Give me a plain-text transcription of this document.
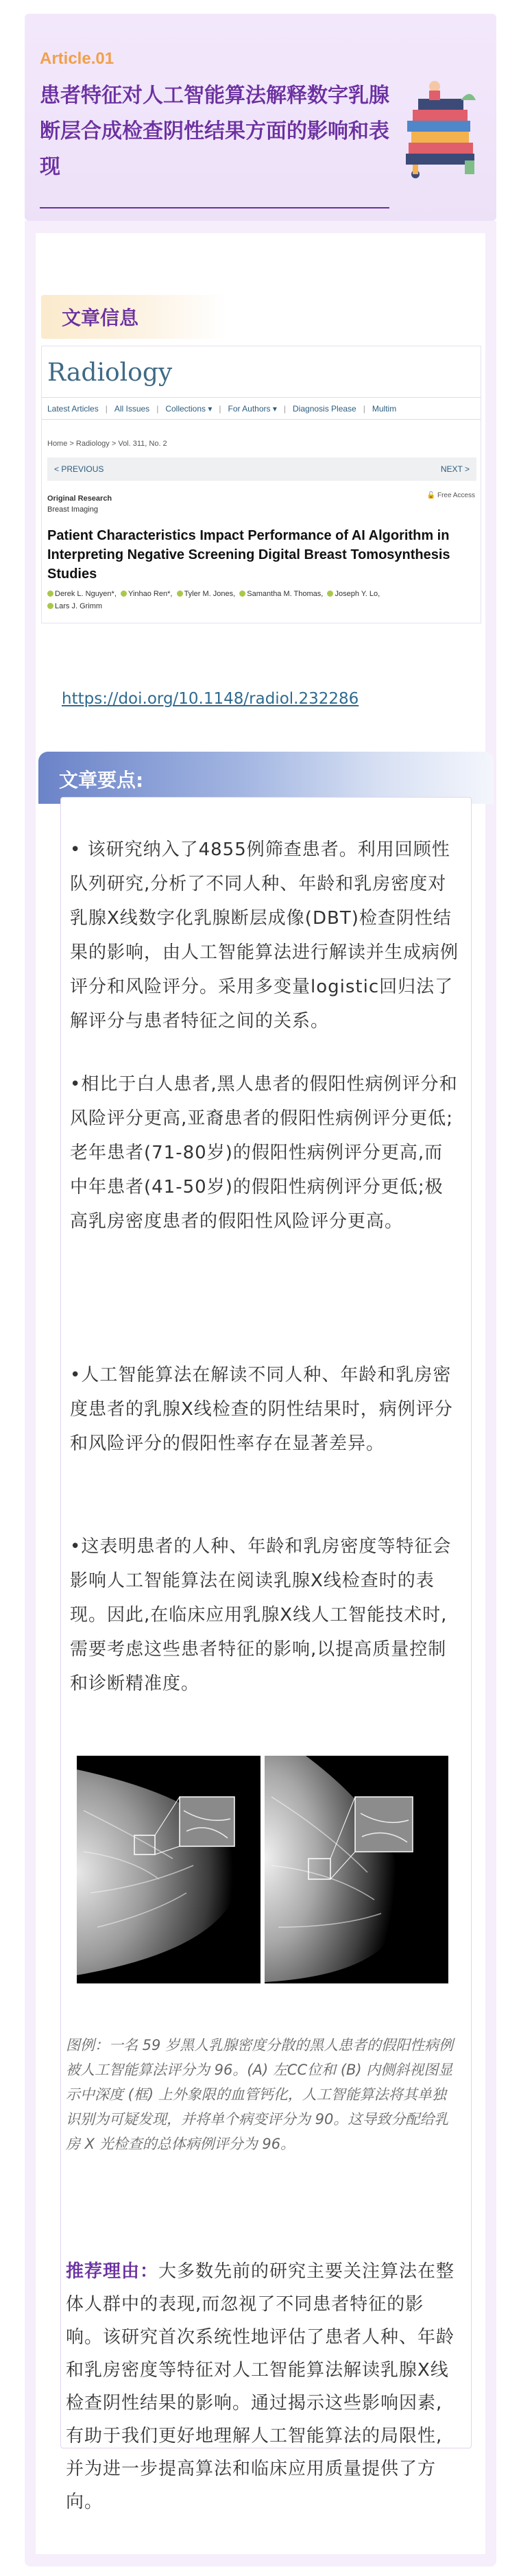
Article.01
患者特征对人工智能算法解释数字乳腺断层合成检查阴性结果方面的影响和表现
文章信息
Radiology
Latest Articles | All Issues | Collections ▾ | For Authors ▾ | Diagnosis Please | Multim
Home > Radiology > Vol. 311, No. 2
< PREVIOUS	NEXT >
Original Research
Breast Imaging
🔓 Free Access
Patient Characteristics Impact Performance of AI Algorithm in Interpreting Negative Screening Digital Breast Tomosynthesis Studies
Derek L. Nguyen*,  Yinhao Ren*,  Tyler M. Jones,  Samantha M. Thomas,  Joseph Y. Lo,
Lars J. Grimm
https://doi.org/10.1148/radiol.232286
文章要点:
• 该研究纳入了4855例筛查患者。利用回顾性队列研究,分析了不同人种、年龄和乳房密度对乳腺X线数字化乳腺断层成像(DBT)检查阴性结果的影响，由人工智能算法进行解读并生成病例评分和风险评分。采用多变量logistic回归法了解评分与患者特征之间的关系。
•相比于白人患者,黑人患者的假阳性病例评分和风险评分更高,亚裔患者的假阳性病例评分更低;老年患者(71-80岁)的假阳性病例评分更高,而中年患者(41-50岁)的假阳性病例评分更低;极高乳房密度患者的假阳性风险评分更高。
•人工智能算法在解读不同人种、年龄和乳房密度患者的乳腺X线检查的阴性结果时，病例评分和风险评分的假阳性率存在显著差异。
•这表明患者的人种、年龄和乳房密度等特征会影响人工智能算法在阅读乳腺X线检查时的表现。因此,在临床应用乳腺X线人工智能技术时,需要考虑这些患者特征的影响,以提高质量控制和诊断精准度。
图例：一名 59 岁黑人乳腺密度分散的黑人患者的假阳性病例被人工智能算法评分为 96。(A) 左CC位和 (B) 内侧斜视图显示中深度 (框) 上外象限的血管钙化，人工智能算法将其单独识别为可疑发现，并将单个病变评分为 90。这导致分配给乳房 X 光检查的总体病例评分为 96。
推荐理由：大多数先前的研究主要关注算法在整体人群中的表现,而忽视了不同患者特征的影响。该研究首次系统性地评估了患者人种、年龄和乳房密度等特征对人工智能算法解读乳腺X线检查阴性结果的影响。通过揭示这些影响因素,有助于我们更好地理解人工智能算法的局限性,并为进一步提高算法和临床应用质量提供了方向。
